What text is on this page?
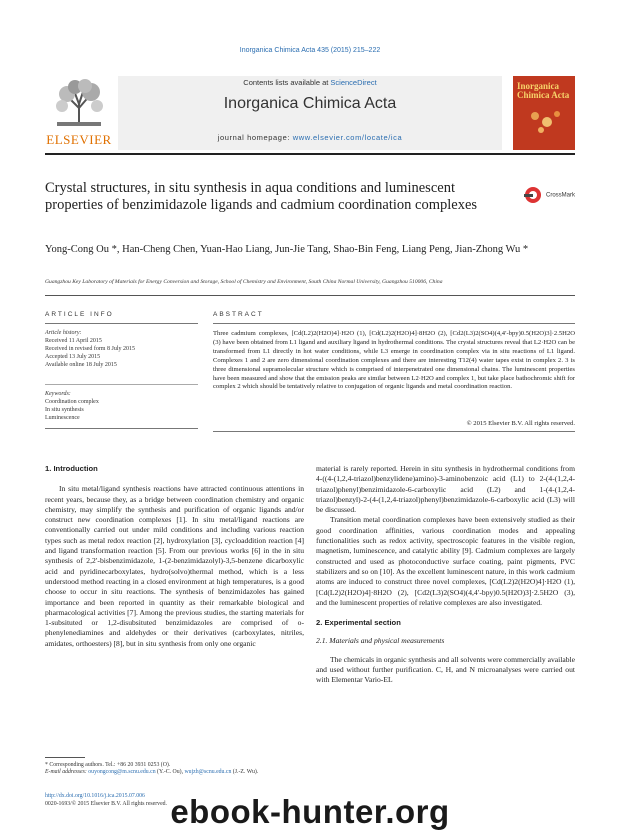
Inorganica Chimica Acta 435 (2015) 215–222
ELSEVIER
Contents lists available at ScienceDirect
Inorganica Chimica Acta
journal homepage: www.elsevier.com/locate/ica
Inorganica Chimica Acta
Crystal structures, in situ synthesis in aqua conditions and luminescent properties of benzimidazole ligands and cadmium coordination complexes
CrossMark
Yong-Cong Ou *, Han-Cheng Chen, Yuan-Hao Liang, Jun-Jie Tang, Shao-Bin Feng, Liang Peng, Jian-Zhong Wu *
Guangzhou Key Laboratory of Materials for Energy Conversion and Storage, School of Chemistry and Environment, South China Normal University, Guangzhou 510006, China
ARTICLE INFO	ABSTRACT
Article history:
Received 11 April 2015
Received in revised form 8 July 2015
Accepted 13 July 2015
Available online 18 July 2015
Keywords:
Coordination complex
In situ synthesis
Luminescence
Three cadmium complexes, [Cd(L2)2(H2O)4]·H2O (1), [Cd(L2)2(H2O)4]·8H2O (2), [Cd2(L3)2(SO4)(4,4′-bpy)0.5(H2O)3]·2.5H2O (3) have been obtained from L1 ligand and auxiliary ligand in hydrothermal conditions. The crystal structures reveal that L2·H2O can be transformed from L1 directly in hot water conditions, while L3 emerge in coordination complex via in situ reactions of L1 ligand. Complexes 1 and 2 are zero dimensional coordination complexes and there are interesting T12(4) water tapes exist in complex 2. 3 is three dimensional supramolecular structure which is comprised of interpenetrated one dimensional chains. The luminescent properties have been measured and show that the emission peaks are similar between L2·H2O and complex 1, but take place bathochromic shift for complex 2 which should be tentatively relative to conjugation of organic ligands and metal coordination reaction.
© 2015 Elsevier B.V. All rights reserved.

1. Introduction

In situ metal/ligand synthesis reactions have attracted continuous attentions in recent years, because they, as a bridge between coordination chemistry and organic chemistry, may simplify the synthesis and purification of organic ligands and/or construct new coordination complexes [1]. In situ metal/ligand reactions are conventionally carried out under mild conditions and including various reaction types such as metal redox reaction [2], hydroxylation [3], cycloaddition reaction [4] and ligand transformation reaction [5]. From our previous works [6] in the in situ synthesis of 2,2′-bisbenzimidazole, 1-(2-benzimidazolyl)-3,5-benzene dicarboxylic acid and pyridinecarboxylates, hydro(solvo)thermal method, which is a less understood method reacting in a closed environment at high temperatures, is a good choose to occur in situ reactions. The synthesis of benzimidazoles has gained importance and been reported in quantity as their remarkable biological and pharmacological activities [7]. Among the previous studies, the starting materials for 1-subsituted or 1,2-disubsituted benzimidazoles are comprised of o-phenylenediamines and aldehydes or their derivatives (carboxylates, nitriles, amidates, orthoesters) [8], but in situ synthesis from only one organic

material is rarely reported. Herein in situ synthesis in hydrothermal conditions from 4-((4-(1,2,4-triazol)benzylidene)amino)-3-aminobenzoic acid (L1) to 2-(4-(1,2,4-triazol)phenyl)benzimidazole-6-carboxylic acid (L2) and 1-(4-(1,2,4-triazol)benzyl)-2-(4-(1,2,4-triazol)phenyl)benzimidazole-6-carboxylic acid (L3) will be discussed.

Transition metal coordination complexes have been extensively studied as their good coordination affinities, various coordination modes and appealing functionalities such as redox activity, spectroscopic features in the visible region, magnetism, luminescence, and catalytic ability [9]. Cadmium complexes are largely constructed and used as photoconductive surface coating, paint pigments, PVC stabilizers and so on [10]. As the excellent luminescent nature, in this work cadmium atoms are induced to construct three novel complexes, [Cd(L2)2(H2O)4]·H2O (1), [Cd(L2)2(H2O)4]·8H2O (2), [Cd2(L3)2(SO4)(4,4′-bpy)0.5(H2O)3]·2.5H2O (3), and the luminescent properties of relative complexes are also investigated.

2. Experimental section

2.1. Materials and physical measurements

The chemicals in organic synthesis and all solvents were commercially available and used without further purification. C, H, and N microanalyses were carried out with Elementar Vario-EL

* Corresponding authors. Tel.: +86 20 3931 0253 (O).
E-mail addresses: ouyongcong@m.scnu.edu.cn (Y.-C. Ou), wujzh@scnu.edu.cn (J.-Z. Wu).
http://dx.doi.org/10.1016/j.ica.2015.07.006
0020-1693/© 2015 Elsevier B.V. All rights reserved. ebook-hunter.org
